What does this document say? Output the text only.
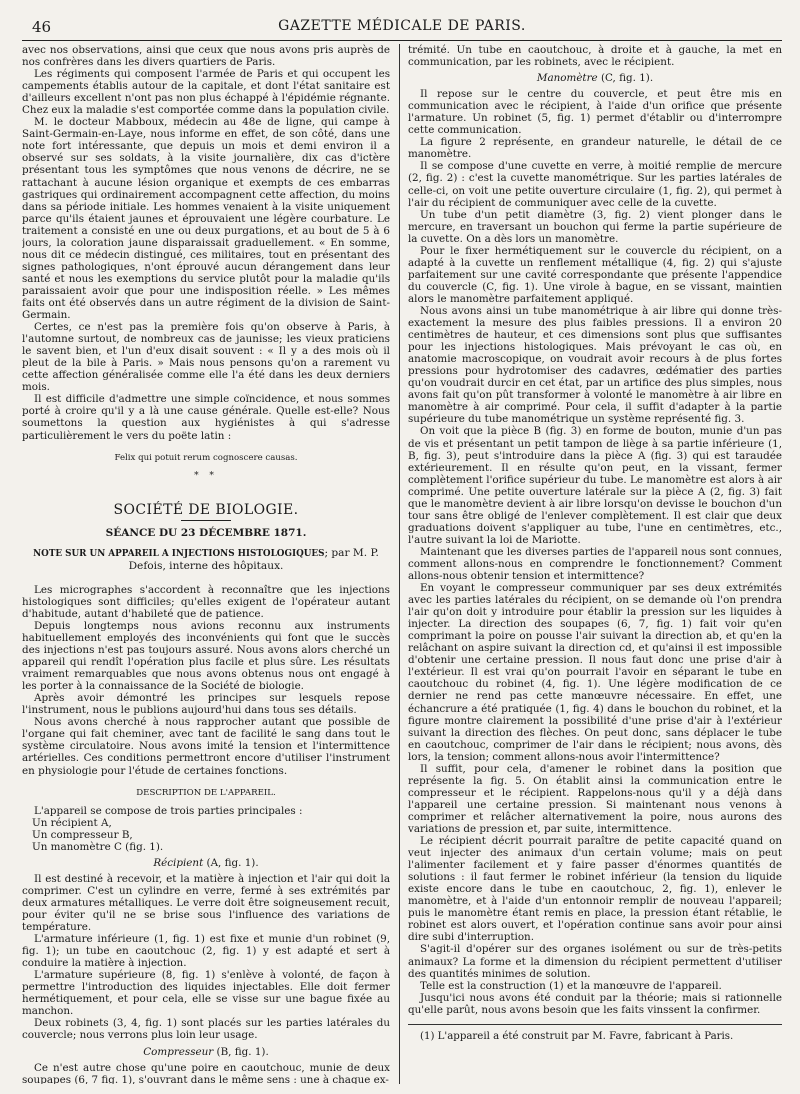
46	GAZETTE MÉDICALE DE PARIS.

avec nos observations, ainsi que ceux que nous avons pris auprès de nos confrères dans les divers quartiers de Paris.

Les régiments qui composent l'armée de Paris et qui occupent les campements établis autour de la capitale, et dont l'état sanitaire est d'ailleurs excellent n'ont pas non plus échappé à l'épidémie régnante. Chez eux la maladie s'est comportée comme dans la population civile.

M. le docteur Mabboux, médecin au 48e de ligne, qui campe à Saint-Germain-en-Laye, nous informe en effet, de son côté, dans une note fort intéressante, que depuis un mois et demi environ il a observé sur ses soldats, à la visite journalière, dix cas d'ictère présentant tous les symptômes que nous venons de décrire, ne se rattachant à aucune lésion organique et exempts de ces embarras gastriques qui ordinairement accompagnent cette affection, du moins dans sa période initiale. Les hommes venaient à la visite uniquement parce qu'ils étaient jaunes et éprouvaient une légère courbature. Le traitement a consisté en une ou deux purgations, et au bout de 5 à 6 jours, la coloration jaune disparaissait graduellement. « En somme, nous dit ce médecin distingué, ces militaires, tout en présentant des signes pathologiques, n'ont éprouvé aucun dérangement dans leur santé et nous les exemptions du service plutôt pour la maladie qu'ils paraissaient avoir que pour une indisposition réelle. » Les mêmes faits ont été observés dans un autre régiment de la division de Saint-Germain.

Certes, ce n'est pas la première fois qu'on observe à Paris, à l'automne surtout, de nombreux cas de jaunisse; les vieux praticiens le savent bien, et l'un d'eux disait souvent : « Il y a des mois où il pleut de la bile à Paris. » Mais nous pensons qu'on a rarement vu cette affection généralisée comme elle l'a été dans les deux derniers mois.

Il est difficile d'admettre une simple coïncidence, et nous sommes porté à croire qu'il y a là une cause générale. Quelle est-elle? Nous soumettons la question aux hygiénistes à qui s'adresse particulièrement le vers du poëte latin :

Felix qui potuit rerum cognoscere causas.

* *

SOCIÉTÉ DE BIOLOGIE.

SÉANCE DU 23 DÉCEMBRE 1871.

NOTE SUR UN APPAREIL A INJECTIONS HISTOLOGIQUES; par M. P. Defois, interne des hôpitaux.

Les micrographes s'accordent à reconnaître que les injections histologiques sont difficiles; qu'elles exigent de l'opérateur autant d'habitude, autant d'habileté que de patience.

Depuis longtemps nous avions reconnu aux instruments habituellement employés des inconvénients qui font que le succès des injections n'est pas toujours assuré. Nous avons alors cherché un appareil qui rendît l'opération plus facile et plus sûre. Les résultats vraiment remarquables que nous avons obtenus nous ont engagé à les porter à la connaissance de la Société de biologie.

Après avoir démontré les principes sur lesquels repose l'instrument, nous le publions aujourd'hui dans tous ses détails.

Nous avons cherché à nous rapprocher autant que possible de l'organe qui fait cheminer, avec tant de facilité le sang dans tout le système circulatoire. Nous avons imité la tension et l'intermittence artérielles. Ces conditions permettront encore d'utiliser l'instrument en physiologie pour l'étude de certaines fonctions.

DESCRIPTION DE L'APPAREIL.

L'appareil se compose de trois parties principales :

Un récipient A,

Un compresseur B,

Un manomètre C (fig. 1).

Récipient (A, fig. 1).

Il est destiné à recevoir, et la matière à injection et l'air qui doit la comprimer. C'est un cylindre en verre, fermé à ses extrémités par deux armatures métalliques. Le verre doit être soigneusement recuit, pour éviter qu'il ne se brise sous l'influence des variations de température.

L'armature inférieure (1, fig. 1) est fixe et munie d'un robinet (9, fig. 1); un tube en caoutchouc (2, fig. 1) y est adapté et sert à conduire la matière à injection.

L'armature supérieure (8, fig. 1) s'enlève à volonté, de façon à permettre l'introduction des liquides injectables. Elle doit fermer hermétiquement, et pour cela, elle se visse sur une bague fixée au manchon.

Deux robinets (3, 4, fig. 1) sont placés sur les parties latérales du couvercle; nous verrons plus loin leur usage.

Compresseur (B, fig. 1).

Ce n'est autre chose qu'une poire en caoutchouc, munie de deux soupapes (6, 7 fig. 1), s'ouvrant dans le même sens : une à chaque ex-

trémité. Un tube en caoutchouc, à droite et à gauche, la met en communication, par les robinets, avec le récipient.

Manomètre (C, fig. 1).

Il repose sur le centre du couvercle, et peut être mis en communication avec le récipient, à l'aide d'un orifice que présente l'armature. Un robinet (5, fig. 1) permet d'établir ou d'interrompre cette communication.

La figure 2 représente, en grandeur naturelle, le détail de ce manomètre.

Il se compose d'une cuvette en verre, à moitié remplie de mercure (2, fig. 2) : c'est la cuvette manométrique. Sur les parties latérales de celle-ci, on voit une petite ouverture circulaire (1, fig. 2), qui permet à l'air du récipient de communiquer avec celle de la cuvette.

Un tube d'un petit diamètre (3, fig. 2) vient plonger dans le mercure, en traversant un bouchon qui ferme la partie supérieure de la cuvette. On a dès lors un manomètre.

Pour le fixer hermétiquement sur le couvercle du récipient, on a adapté à la cuvette un renflement métallique (4, fig. 2) qui s'ajuste parfaitement sur une cavité correspondante que présente l'appendice du couvercle (C, fig. 1). Une virole à bague, en se vissant, maintien alors le manomètre parfaitement appliqué.

Nous avons ainsi un tube manométrique à air libre qui donne très-exactement la mesure des plus faibles pressions. Il a environ 20 centimètres de hauteur, et ces dimensions sont plus que suffisantes pour les injections histologiques. Mais prévoyant le cas où, en anatomie macroscopique, on voudrait avoir recours à de plus fortes pressions pour hydrotomiser des cadavres, œdématier des parties qu'on voudrait durcir en cet état, par un artifice des plus simples, nous avons fait qu'on pût transformer à volonté le manomètre à air libre en manomètre à air comprimé. Pour cela, il suffit d'adapter à la partie supérieure du tube manométrique un système représenté fig. 3.

On voit que la pièce B (fig. 3) en forme de bouton, munie d'un pas de vis et présentant un petit tampon de liège à sa partie inférieure (1, B, fig. 3), peut s'introduire dans la pièce A (fig. 3) qui est taraudée extérieurement. Il en résulte qu'on peut, en la vissant, fermer complètement l'orifice supérieur du tube. Le manomètre est alors à air comprimé. Une petite ouverture latérale sur la pièce A (2, fig. 3) fait que le manomètre devient à air libre lorsqu'on devisse le bouchon d'un tour sans être obligé de l'enlever complètement. Il est clair que deux graduations doivent s'appliquer au tube, l'une en centimètres, etc., l'autre suivant la loi de Mariotte.

Maintenant que les diverses parties de l'appareil nous sont connues, comment allons-nous en comprendre le fonctionnement? Comment allons-nous obtenir tension et intermittence?

En voyant le compresseur communiquer par ses deux extrémités avec les parties latérales du récipient, on se demande où l'on prendra l'air qu'on doit y introduire pour établir la pression sur les liquides à injecter. La direction des soupapes (6, 7, fig. 1) fait voir qu'en comprimant la poire on pousse l'air suivant la direction ab, et qu'en la relâchant on aspire suivant la direction cd, et qu'ainsi il est impossible d'obtenir une certaine pression. Il nous faut donc une prise d'air à l'extérieur. Il est vrai qu'on pourrait l'avoir en séparant le tube en caoutchouc du robinet (4, fig. 1). Une légère modification de ce dernier ne rend pas cette manœuvre nécessaire. En effet, une échancrure a été pratiquée (1, fig. 4) dans le bouchon du robinet, et la figure montre clairement la possibilité d'une prise d'air à l'extérieur suivant la direction des flèches. On peut donc, sans déplacer le tube en caoutchouc, comprimer de l'air dans le récipient; nous avons, dès lors, la tension; comment allons-nous avoir l'intermittence?

Il suffit, pour cela, d'amener le robinet dans la position que représente la fig. 5. On établit ainsi la communication entre le compresseur et le récipient. Rappelons-nous qu'il y a déjà dans l'appareil une certaine pression. Si maintenant nous venons à comprimer et relâcher alternativement la poire, nous aurons des variations de pression et, par suite, intermittence.

Le récipient décrit pourrait paraître de petite capacité quand on veut injecter des animaux d'un certain volume; mais on peut l'alimenter facilement et y faire passer d'énormes quantités de solutions : il faut fermer le robinet inférieur (la tension du liquide existe encore dans le tube en caoutchouc, 2, fig. 1), enlever le manomètre, et à l'aide d'un entonnoir remplir de nouveau l'appareil; puis le manomètre étant remis en place, la pression étant rétablie, le robinet est alors ouvert, et l'opération continue sans avoir pour ainsi dire subi d'interruption.

S'agit-il d'opérer sur des organes isolément ou sur de très-petits animaux? La forme et la dimension du récipient permettent d'utiliser des quantités minimes de solution.

Telle est la construction (1) et la manœuvre de l'appareil.

Jusqu'ici nous avons été conduit par la théorie; mais si rationnelle qu'elle parût, nous avons besoin que les faits vinssent la confirmer.

(1) L'appareil a été construit par M. Favre, fabricant à Paris.
